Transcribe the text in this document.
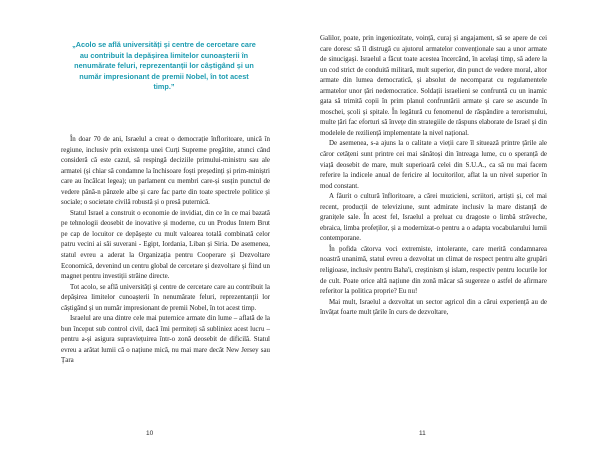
„Acolo se află universități și centre de cercetare care au contribuit la depășirea limitelor cunoașterii în nenumărate feluri, reprezentanții lor câștigând și un număr impresionant de premii Nobel, în tot acest timp.”

În doar 70 de ani, Israelul a creat o democrație înfloritoare, unică în regiune, inclusiv prin existența unei Curți Supreme pregătite, atunci când consideră că este cazul, să respingă deciziile primului-ministru sau ale armatei (și chiar să condamne la închisoare foști președinți și prim-miniștri care au încălcat legea); un parlament cu membri care-și susțin punctul de vedere până-n pânzele albe și care fac parte din toate spectrele politice și sociale; o societate civilă robustă și o presă puternică.

Statul Israel a construit o economie de invidiat, din ce în ce mai bazată pe tehnologii deosebit de inovative și moderne, cu un Produs Intern Brut pe cap de locuitor ce depășește cu mult valoarea totală combinată celor patru vecini ai săi suverani - Egipt, Iordania, Liban și Siria. De asemenea, statul evreu a aderat la Organizația pentru Cooperare și Dezvoltare Economică, devenind un centru global de cercetare și dezvoltare și fiind un magnet pentru investiții străine directe.

Tot acolo, se află universități și centre de cercetare care au contribuit la depășirea limitelor cunoașterii în nenumărate feluri, reprezentanții lor câștigând și un număr impresionant de premii Nobel, în tot acest timp.

Israelul are una dintre cele mai puternice armate din lume – aflată de la bun început sub control civil, dacă îmi permiteți să subliniez acest lucru – pentru a-și asigura supraviețuirea într-o zonă deosebit de dificilă. Statul evreu a arătat lumii că o națiune mică, nu mai mare decât New Jersey sau Țara

10

Galilor, poate, prin ingeniozitate, voință, curaj și angajament, să se apere de cei care doresc să îl distrugă cu ajutorul armatelor convenționale sau a unor armate de sinucigași. Israelul a făcut toate acestea încercând, în același timp, să adere la un cod strict de conduită militară, mult superior, din punct de vedere moral, altor armate din lumea democratică, și absolut de necomparat cu regulamentele armatelor unor țări nedemocratice. Soldații israelieni se confruntă cu un inamic gata să trimită copii în prim planul confruntării armate și care se ascunde în moschei, școli și spitale. În legătură cu fenomenul de răspândire a terorismului, multe țări fac eforturi să învețe din strategiile de răspuns elaborate de Israel și din modelele de reziliență implementate la nivel național.

De asemenea, s-a ajuns la o calitate a vieții care îl situează printre țările ale căror cetățeni sunt printre cei mai sănătoși din întreaga lume, cu o speranță de viață deosebit de mare, mult superioară celei din S.U.A., ca să nu mai facem referire la indicele anual de fericire al locuitorilor, aflat la un nivel superior în mod constant.

A făurit o cultură înfloritoare, a cărei muzicieni, scriitori, artiști și, cel mai recent, producții de televiziune, sunt admirate inclusiv la mare distanță de granițele sale. În acest fel, Israelul a preluat cu dragoste o limbă străveche, ebraica, limba profeților, și a modernizat-o pentru a o adapta vocabularului lumii contemporane.

În pofida câtorva voci extremiste, intolerante, care merită condamnarea noastră unanimă, statul evreu a dezvoltat un climat de respect pentru alte grupări religioase, inclusiv pentru Baha'i, creștinism și islam, respectiv pentru locurile lor de cult. Poate orice altă națiune din zonă măcar să sugereze o astfel de afirmare referitor la politica proprie? Eu nu!

Mai mult, Israelul a dezvoltat un sector agricol din a cărui experiență au de învățat foarte mult țările în curs de dezvoltare,

11
